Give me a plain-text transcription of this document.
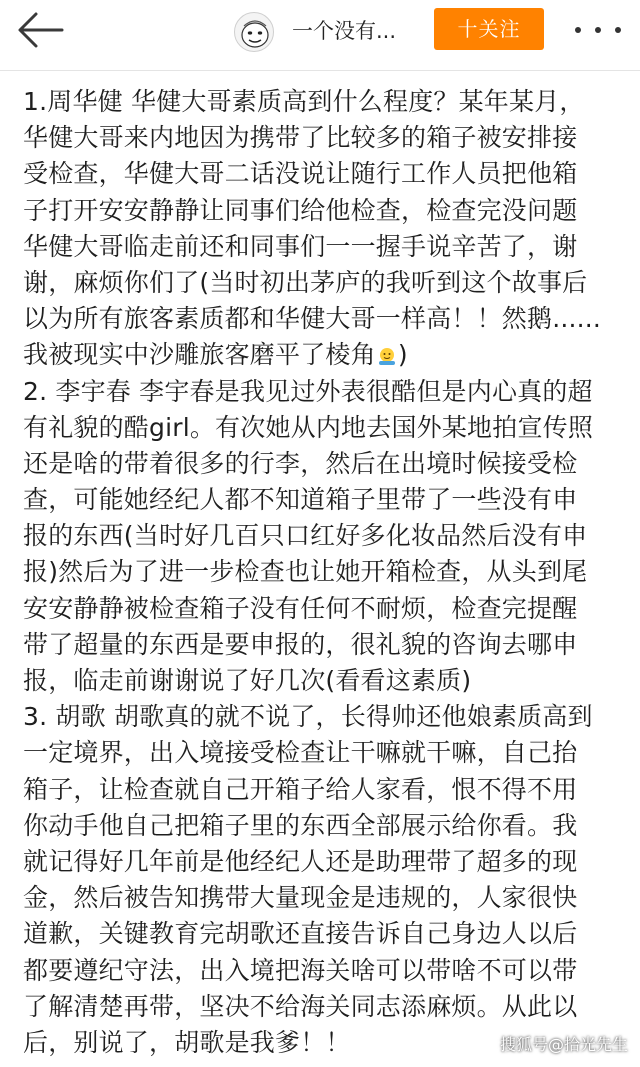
一个没有...	十关注
1.周华健 华健大哥素质高到什么程度？某年某月，
华健大哥来内地因为携带了比较多的箱子被安排接
受检查，华健大哥二话没说让随行工作人员把他箱
子打开安安静静让同事们给他检查，检查完没问题
华健大哥临走前还和同事们一一握手说辛苦了，谢
谢，麻烦你们了(当时初出茅庐的我听到这个故事后
以为所有旅客素质都和华健大哥一样高！！然鹅......
我被现实中沙雕旅客磨平了棱角 )
2. 李宇春 李宇春是我见过外表很酷但是内心真的超
有礼貌的酷girl。有次她从内地去国外某地拍宣传照
还是啥的带着很多的行李，然后在出境时候接受检
查，可能她经纪人都不知道箱子里带了一些没有申
报的东西(当时好几百只口红好多化妆品然后没有申
报)然后为了进一步检查也让她开箱检查，从头到尾
安安静静被检查箱子没有任何不耐烦，检查完提醒
带了超量的东西是要申报的，很礼貌的咨询去哪申
报，临走前谢谢说了好几次(看看这素质)
3. 胡歌 胡歌真的就不说了，长得帅还他娘素质高到
一定境界，出入境接受检查让干嘛就干嘛，自己抬
箱子，让检查就自己开箱子给人家看，恨不得不用
你动手他自己把箱子里的东西全部展示给你看。我
就记得好几年前是他经纪人还是助理带了超多的现
金，然后被告知携带大量现金是违规的，人家很快
道歉，关键教育完胡歌还直接告诉自己身边人以后
都要遵纪守法，出入境把海关啥可以带啥不可以带
了解清楚再带，坚决不给海关同志添麻烦。从此以
后，别说了，胡歌是我爹！！	搜狐号@拾光先生
